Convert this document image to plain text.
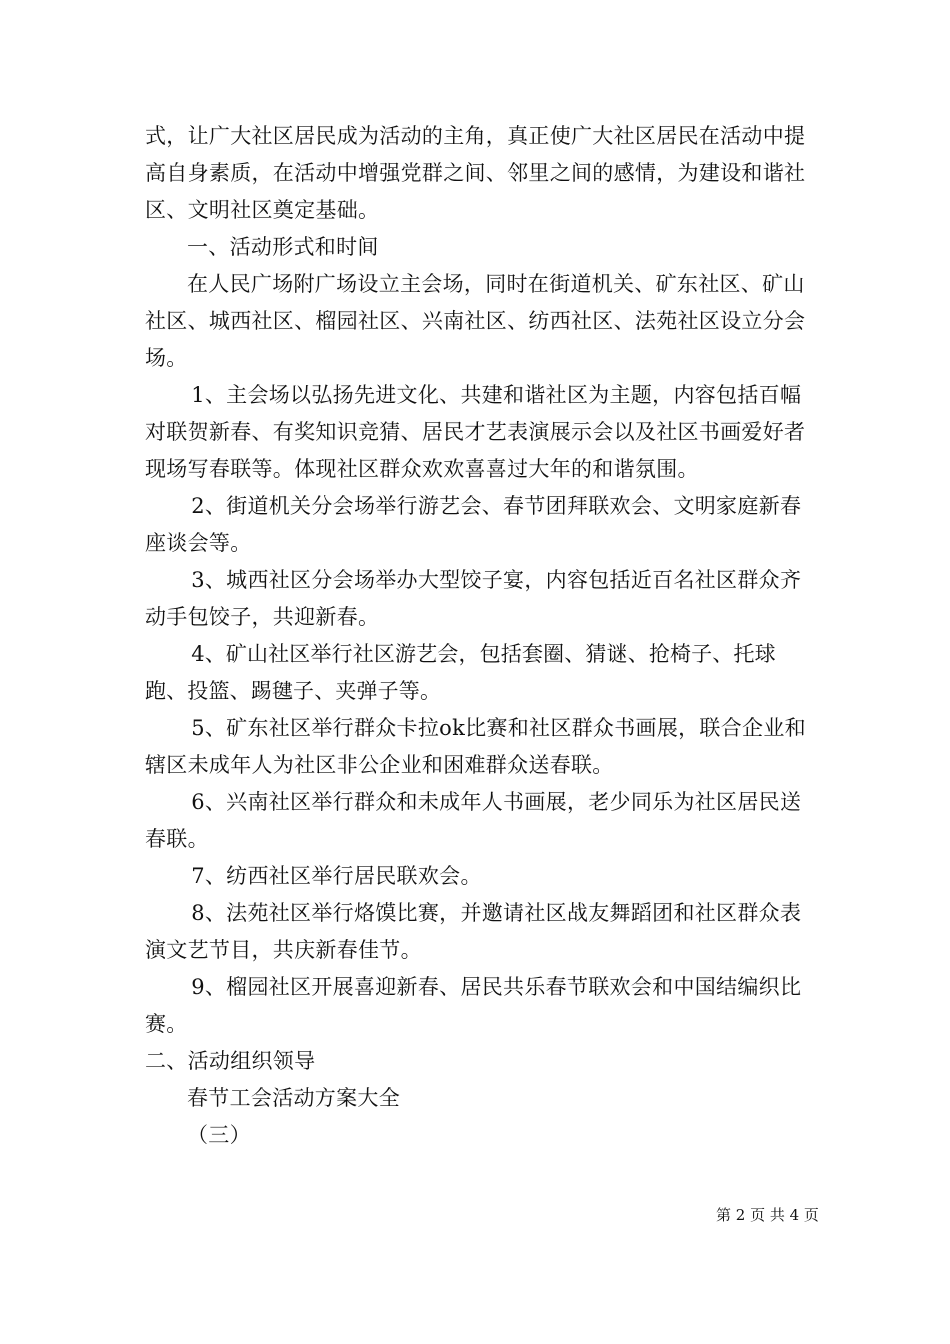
式，让广大社区居民成为活动的主角，真正使广大社区居民在活动中提高自身素质，在活动中增强党群之间、邻里之间的感情，为建设和谐社区、文明社区奠定基础。

一、活动形式和时间

在人民广场附广场设立主会场，同时在街道机关、矿东社区、矿山社区、城西社区、榴园社区、兴南社区、纺西社区、法苑社区设立分会场。

1、主会场以弘扬先进文化、共建和谐社区为主题，内容包括百幅对联贺新春、有奖知识竞猜、居民才艺表演展示会以及社区书画爱好者现场写春联等。体现社区群众欢欢喜喜过大年的和谐氛围。

2、街道机关分会场举行游艺会、春节团拜联欢会、文明家庭新春座谈会等。

3、城西社区分会场举办大型饺子宴，内容包括近百名社区群众齐动手包饺子，共迎新春。

4、矿山社区举行社区游艺会，包括套圈、猜谜、抢椅子、托球跑、投篮、踢毽子、夹弹子等。

5、矿东社区举行群众卡拉ok比赛和社区群众书画展，联合企业和辖区未成年人为社区非公企业和困难群众送春联。

6、兴南社区举行群众和未成年人书画展，老少同乐为社区居民送春联。

7、纺西社区举行居民联欢会。

8、法苑社区举行烙馍比赛，并邀请社区战友舞蹈团和社区群众表演文艺节目，共庆新春佳节。

9、榴园社区开展喜迎新春、居民共乐春节联欢会和中国结编织比赛。

二、活动组织领导

春节工会活动方案大全

（三）

第 2 页 共 4 页
